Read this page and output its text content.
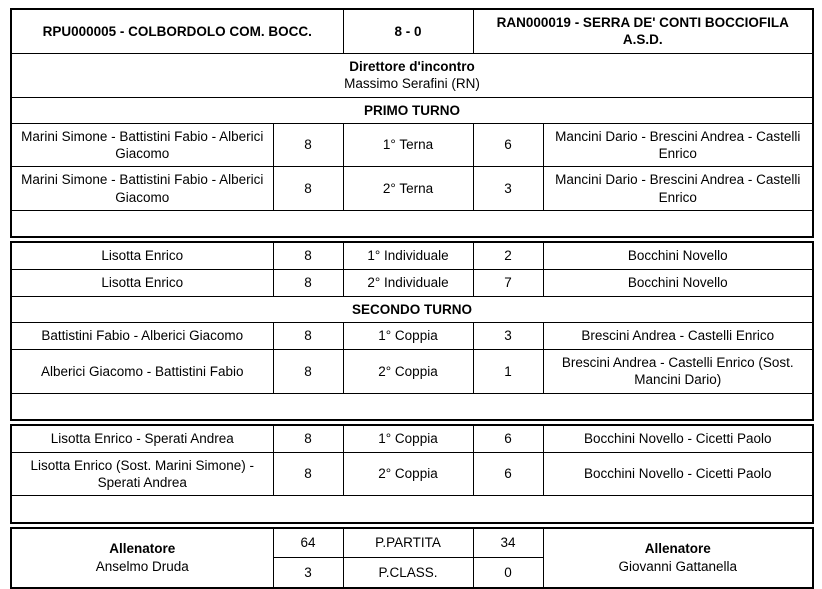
RPU000005 - COLBORDOLO COM. BOCC.		8 - 0	RAN000019 - SERRA DE' CONTI BOCCIOFILA A.S.D.	

Direttore d'incontro
Massimo Serafini (RN)				

PRIMO TURNO				
Marini Simone - Battistini Fabio - Alberici Giacomo	8	1° Terna	6	Mancini Dario - Brescini Andrea - Castelli Enrico
Marini Simone - Battistini Fabio - Alberici Giacomo	8	2° Terna	3	Mancini Dario - Brescini Andrea - Castelli Enrico

Lisotta Enrico	8	1° Individuale	2	Bocchini Novello
Lisotta Enrico	8	2° Individuale	7	Bocchini Novello
SECONDO TURNO				
Battistini Fabio - Alberici Giacomo	8	1° Coppia	3	Brescini Andrea - Castelli Enrico
Alberici Giacomo - Battistini Fabio	8	2° Coppia	1	Brescini Andrea - Castelli Enrico (Sost. Mancini Dario)

Lisotta Enrico - Sperati Andrea	8	1° Coppia	6	Bocchini Novello - Cicetti Paolo
Lisotta Enrico (Sost. Marini Simone) - Sperati Andrea	8	2° Coppia	6	Bocchini Novello - Cicetti Paolo

Allenatore
Anselmo Druda
	64	P.PARTITA	34	Allenatore
Giovanni Gattanella

	3	P.CLASS.	0	
